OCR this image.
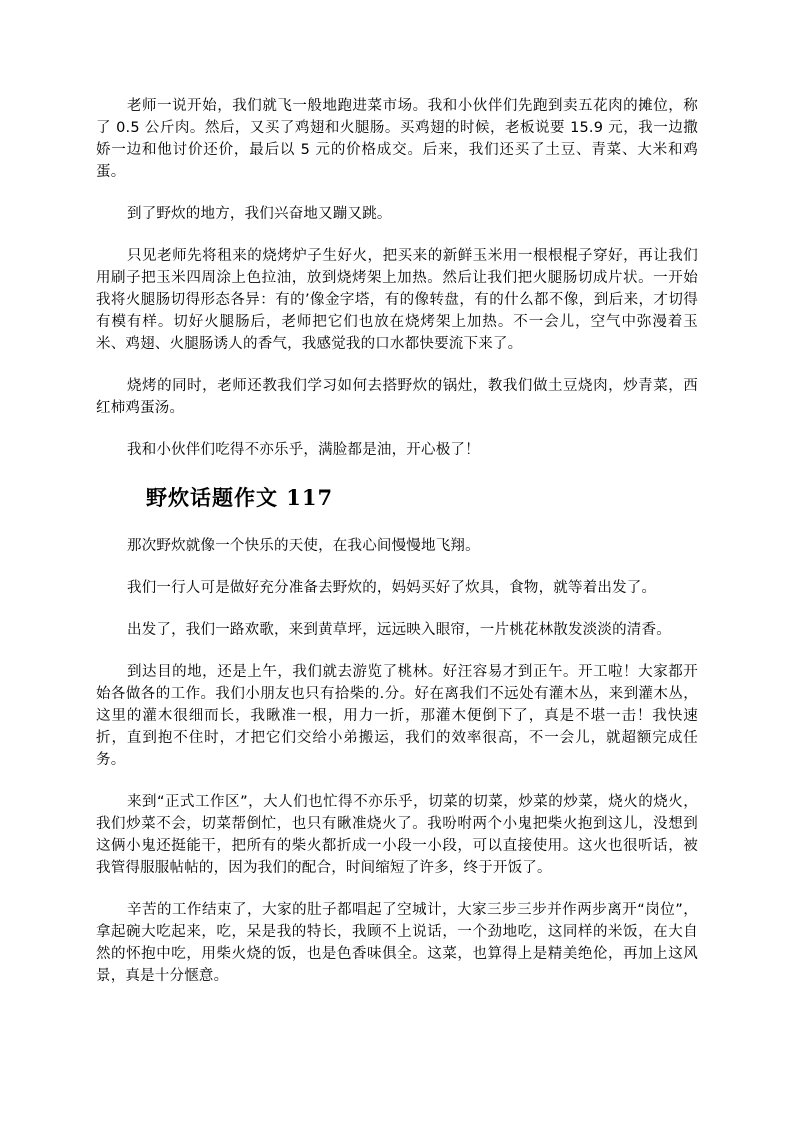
老师一说开始，我们就飞一般地跑进菜市场。我和小伙伴们先跑到卖五花肉的摊位，称了 0.5 公斤肉。然后，又买了鸡翅和火腿肠。买鸡翅的时候，老板说要 15.9 元，我一边撒娇一边和他讨价还价，最后以 5 元的价格成交。后来，我们还买了土豆、青菜、大米和鸡蛋。

到了野炊的地方，我们兴奋地又蹦又跳。

只见老师先将租来的烧烤炉子生好火，把买来的新鲜玉米用一根根棍子穿好，再让我们用刷子把玉米四周涂上色拉油，放到烧烤架上加热。然后让我们把火腿肠切成片状。一开始我将火腿肠切得形态各异：有的’像金字塔，有的像转盘，有的什么都不像，到后来，才切得有模有样。切好火腿肠后，老师把它们也放在烧烤架上加热。不一会儿，空气中弥漫着玉米、鸡翅、火腿肠诱人的香气，我感觉我的口水都快要流下来了。

烧烤的同时，老师还教我们学习如何去搭野炊的锅灶，教我们做土豆烧肉，炒青菜，西红柿鸡蛋汤。

我和小伙伴们吃得不亦乐乎，满脸都是油，开心极了！

野炊话题作文 117

那次野炊就像一个快乐的天使，在我心间慢慢地飞翔。

我们一行人可是做好充分准备去野炊的，妈妈买好了炊具，食物，就等着出发了。

出发了，我们一路欢歌，来到黄草坪，远远映入眼帘，一片桃花林散发淡淡的清香。

到达目的地，还是上午，我们就去游览了桃林。好汪容易才到正午。开工啦！大家都开始各做各的工作。我们小朋友也只有拾柴的.分。好在离我们不远处有灌木丛，来到灌木丛，这里的灌木很细而长，我瞅准一根，用力一折，那灌木便倒下了，真是不堪一击！我快速折，直到抱不住时，才把它们交给小弟搬运，我们的效率很高，不一会儿，就超额完成任务。

来到“正式工作区”，大人们也忙得不亦乐乎，切菜的切菜，炒菜的炒菜，烧火的烧火，我们炒菜不会，切菜帮倒忙，也只有瞅准烧火了。我吩咐两个小鬼把柴火抱到这儿，没想到这俩小鬼还挺能干，把所有的柴火都折成一小段一小段，可以直接使用。这火也很听话，被我管得服服帖帖的，因为我们的配合，时间缩短了许多，终于开饭了。

辛苦的工作结束了，大家的肚子都唱起了空城计，大家三步三步并作两步离开“岗位”，拿起碗大吃起来，吃，呆是我的特长，我顾不上说话，一个劲地吃，这同样的米饭，在大自然的怀抱中吃，用柴火烧的饭，也是色香味俱全。这菜，也算得上是精美绝伦，再加上这风景，真是十分惬意。
